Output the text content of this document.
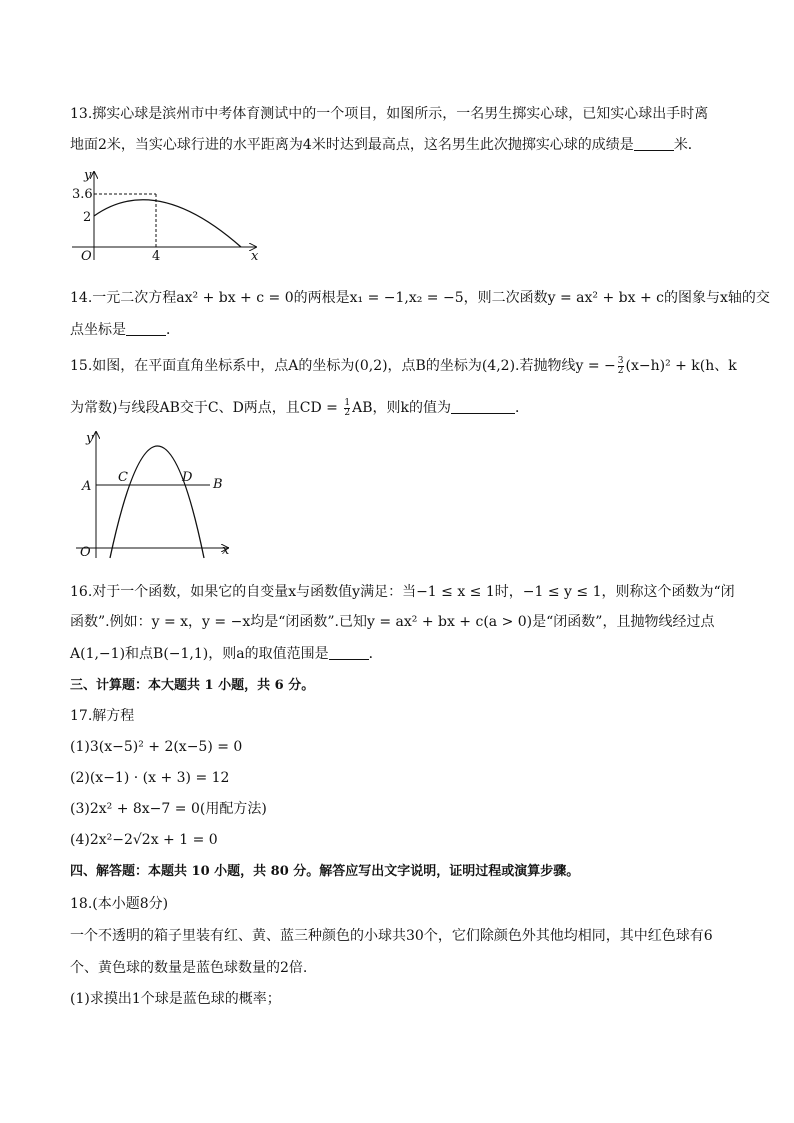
13.掷实心球是滨州市中考体育测试中的一个项目，如图所示，一名男生掷实心球，已知实心球出手时离
地面2米，当实心球行进的水平距离为4米时达到最高点，这名男生此次抛掷实心球的成绩是	米．
y
x
O
3.6
2
4
14.一元二次方程ax² + bx + c = 0的两根是x₁ = −1,x₂ = −5，则二次函数y = ax² + bx + c的图象与x轴的交
点坐标是	．
15.如图，在平面直角坐标系中，点A的坐标为(0,2)，点B的坐标为(4,2).若抛物线y = − $\frac{3}{2} (x-h)^2 + k(h$、k
为常数)与线段AB交于C、D两点，且CD = $\frac{1}{2}$ AB，则k的值为	．
y
x
O
A	B
C	D
16.对于一个函数，如果它的自变量x与函数值y满足：当−1 ≤ x ≤ 1时，−1 ≤ y ≤ 1，则称这个函数为“闭
函数”.例如：y = x，y = −x均是“闭函数”.已知y = ax² + bx + c(a > 0)是“闭函数”，且抛物线经过点
A(1,−1)和点B(−1,1)，则a的取值范围是	．
三、计算题：本大题共 1 小题，共 6 分。
17.解方程
(1)3(x−5)² + 2(x−5) = 0
(2)(x−1) · (x + 3) = 12
(3)2x² + 8x−7 = 0(用配方法)
(4)2x²−2√2x + 1 = 0
四、解答题：本题共 10 小题，共 80 分。解答应写出文字说明，证明过程或演算步骤。
18.(本小题8分)
一个不透明的箱子里装有红、黄、蓝三种颜色的小球共30个，它们除颜色外其他均相同，其中红色球有6
个、黄色球的数量是蓝色球数量的2倍.
(1)求摸出1个球是蓝色球的概率；
